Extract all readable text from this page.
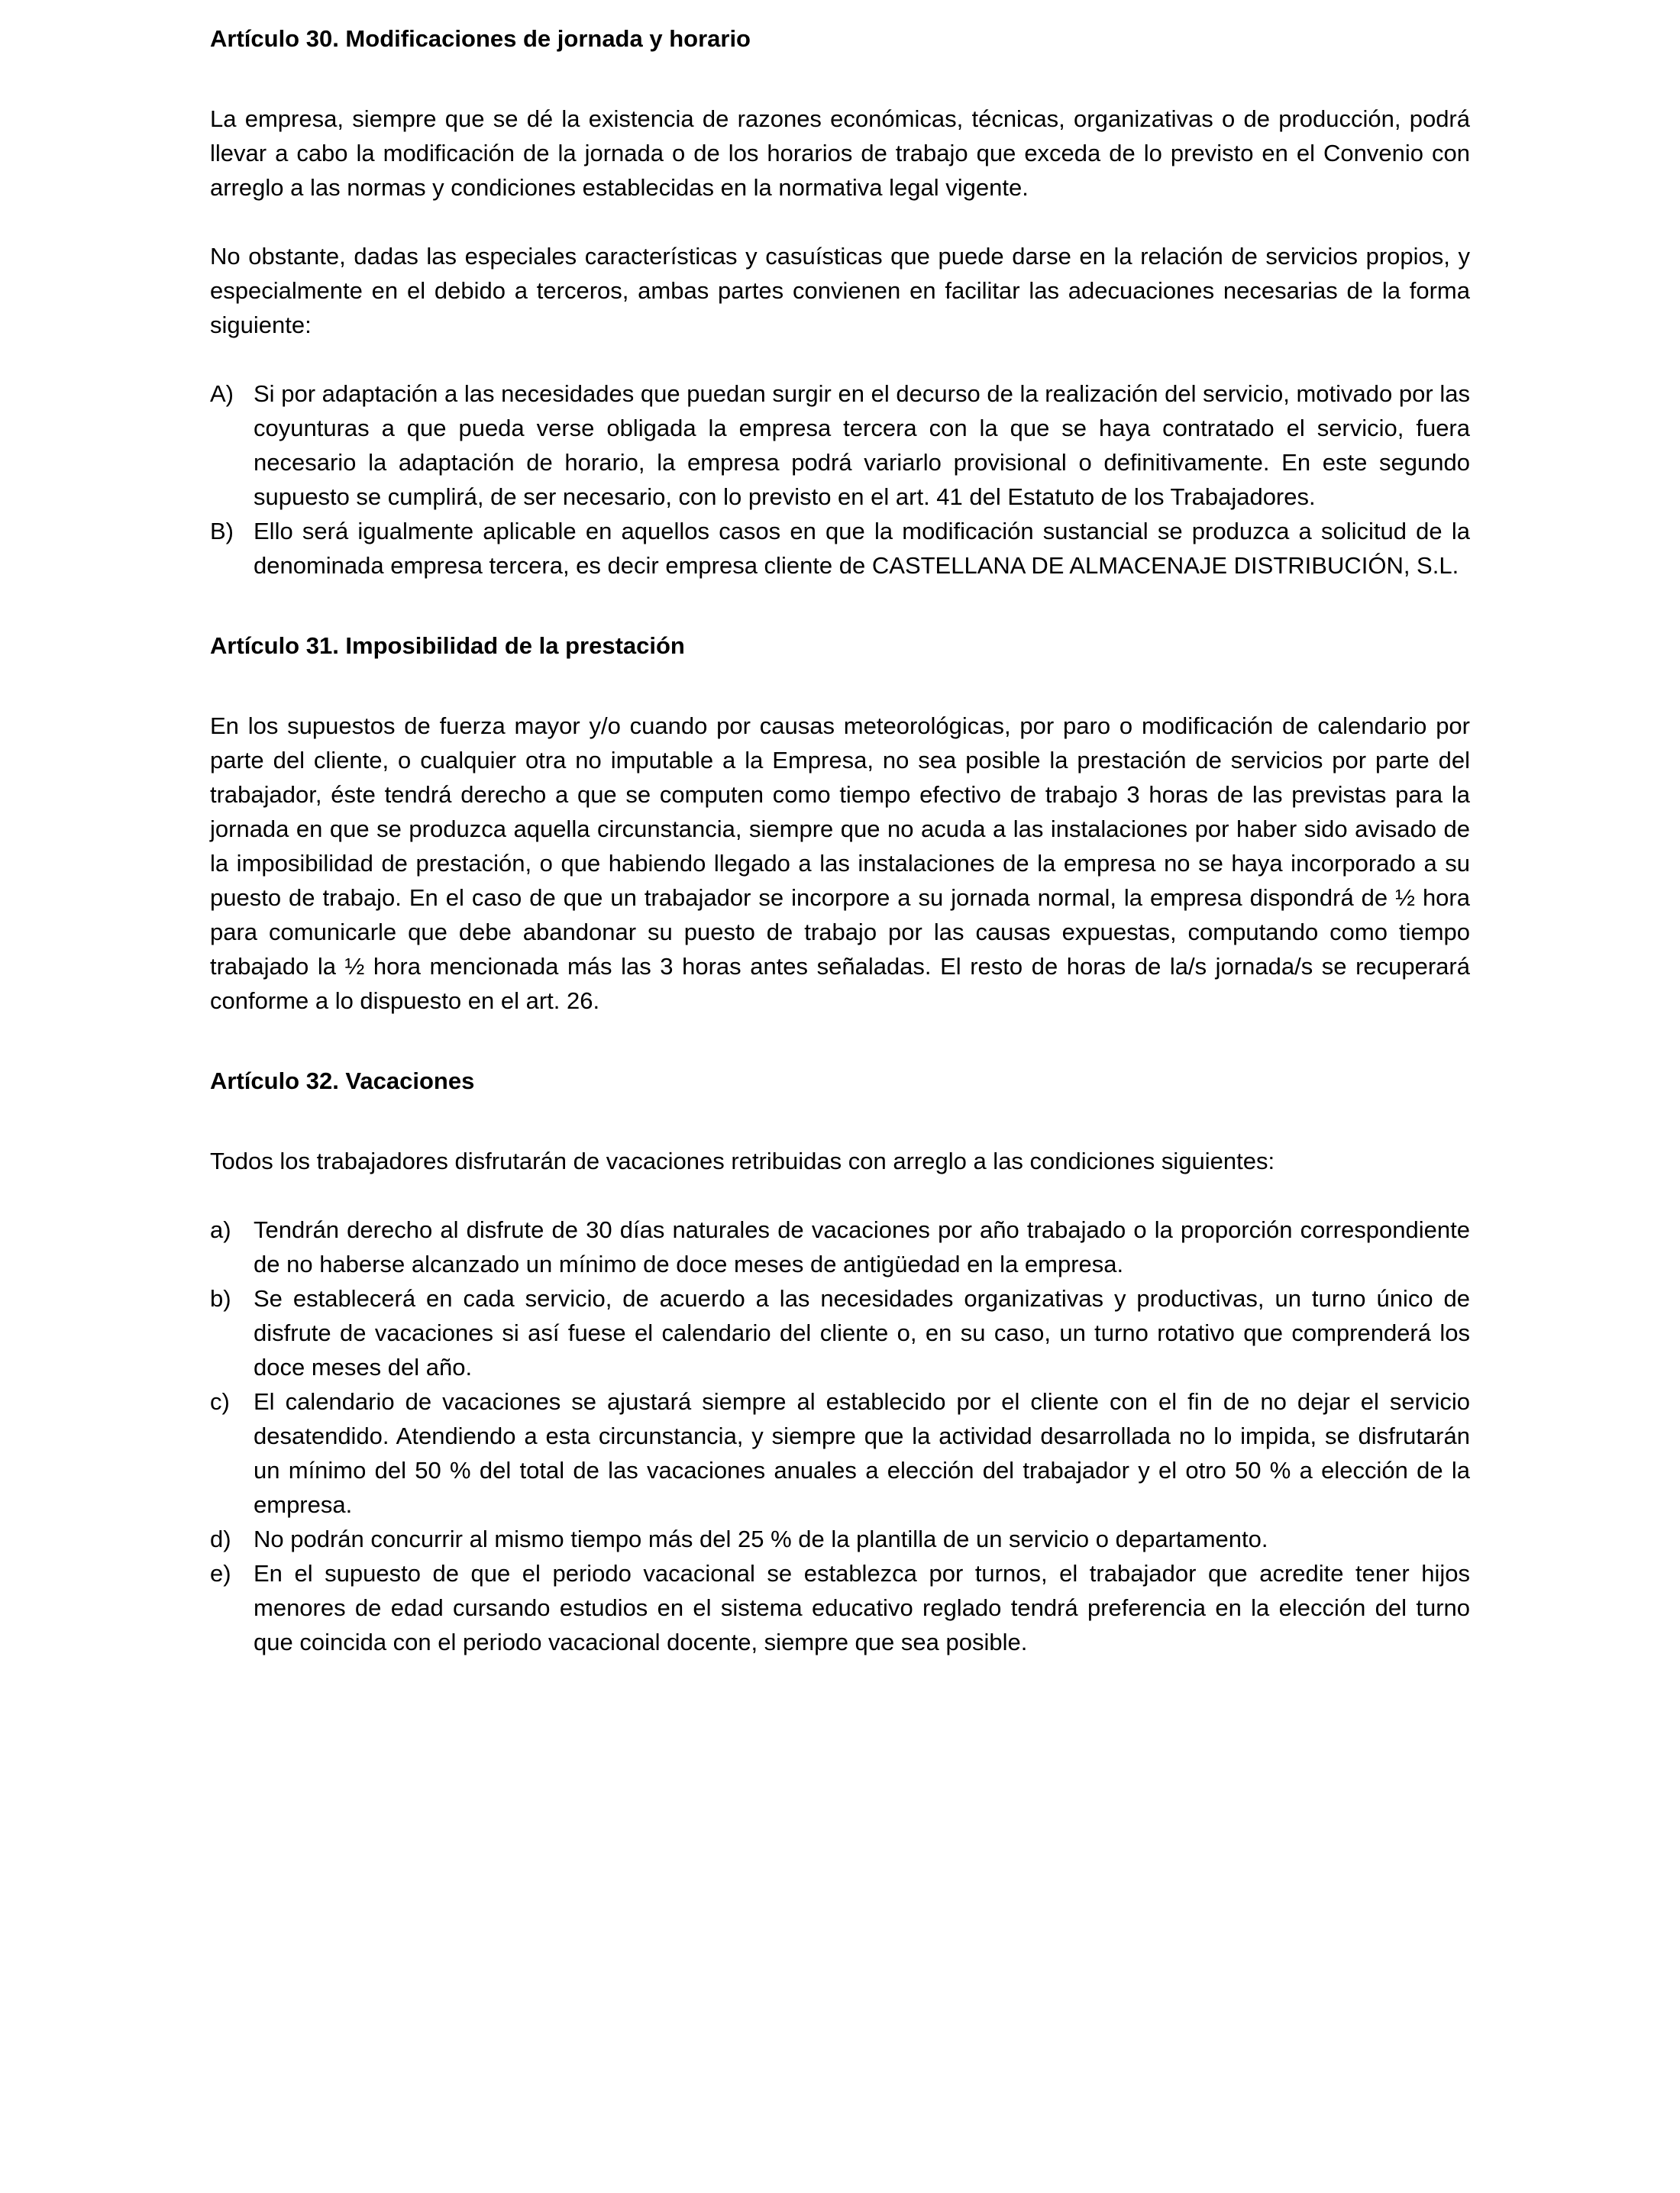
Artículo 30. Modificaciones de jornada y horario

La empresa, siempre que se dé la existencia de razones económicas, técnicas, organizativas o de producción, podrá llevar a cabo la modificación de la jornada o de los horarios de trabajo que exceda de lo previsto en el Convenio con arreglo a las normas y condiciones establecidas en la normativa legal vigente.

No obstante, dadas las especiales características y casuísticas que puede darse en la relación de servicios propios, y especialmente en el debido a terceros, ambas partes convienen en facilitar las adecuaciones necesarias de la forma siguiente:

A) Si por adaptación a las necesidades que puedan surgir en el decurso de la realización del servicio, motivado por las coyunturas a que pueda verse obligada la empresa tercera con la que se haya contratado el servicio, fuera necesario la adaptación de horario, la empresa podrá variarlo provisional o definitivamente. En este segundo supuesto se cumplirá, de ser necesario, con lo previsto en el art. 41 del Estatuto de los Trabajadores.
B) Ello será igualmente aplicable en aquellos casos en que la modificación sustancial se produzca a solicitud de la denominada empresa tercera, es decir empresa cliente de CASTELLANA DE ALMACENAJE DISTRIBUCIÓN, S.L.
Artículo 31. Imposibilidad de la prestación

En los supuestos de fuerza mayor y/o cuando por causas meteorológicas, por paro o modificación de calendario por parte del cliente, o cualquier otra no imputable a la Empresa, no sea posible la prestación de servicios por parte del trabajador, éste tendrá derecho a que se computen como tiempo efectivo de trabajo 3 horas de las previstas para la jornada en que se produzca aquella circunstancia, siempre que no acuda a las instalaciones por haber sido avisado de la imposibilidad de prestación, o que habiendo llegado a las instalaciones de la empresa no se haya incorporado a su puesto de trabajo. En el caso de que un trabajador se incorpore a su jornada normal, la empresa dispondrá de ½ hora para comunicarle que debe abandonar su puesto de trabajo por las causas expuestas, computando como tiempo trabajado la ½ hora mencionada más las 3 horas antes señaladas. El resto de horas de la/s jornada/s se recuperará conforme a lo dispuesto en el art. 26.

Artículo 32. Vacaciones

Todos los trabajadores disfrutarán de vacaciones retribuidas con arreglo a las condiciones siguientes:

a) Tendrán derecho al disfrute de 30 días naturales de vacaciones por año trabajado o la proporción correspondiente de no haberse alcanzado un mínimo de doce meses de antigüedad en la empresa.
b) Se establecerá en cada servicio, de acuerdo a las necesidades organizativas y productivas, un turno único de disfrute de vacaciones si así fuese el calendario del cliente o, en su caso, un turno rotativo que comprenderá los doce meses del año.
c) El calendario de vacaciones se ajustará siempre al establecido por el cliente con el fin de no dejar el servicio desatendido. Atendiendo a esta circunstancia, y siempre que la actividad desarrollada no lo impida, se disfrutarán un mínimo del 50 % del total de las vacaciones anuales a elección del trabajador y el otro 50 % a elección de la empresa.
d) No podrán concurrir al mismo tiempo más del 25 % de la plantilla de un servicio o departamento.
e) En el supuesto de que el periodo vacacional se establezca por turnos, el trabajador que acredite tener hijos menores de edad cursando estudios en el sistema educativo reglado tendrá preferencia en la elección del turno que coincida con el periodo vacacional docente, siempre que sea posible.
